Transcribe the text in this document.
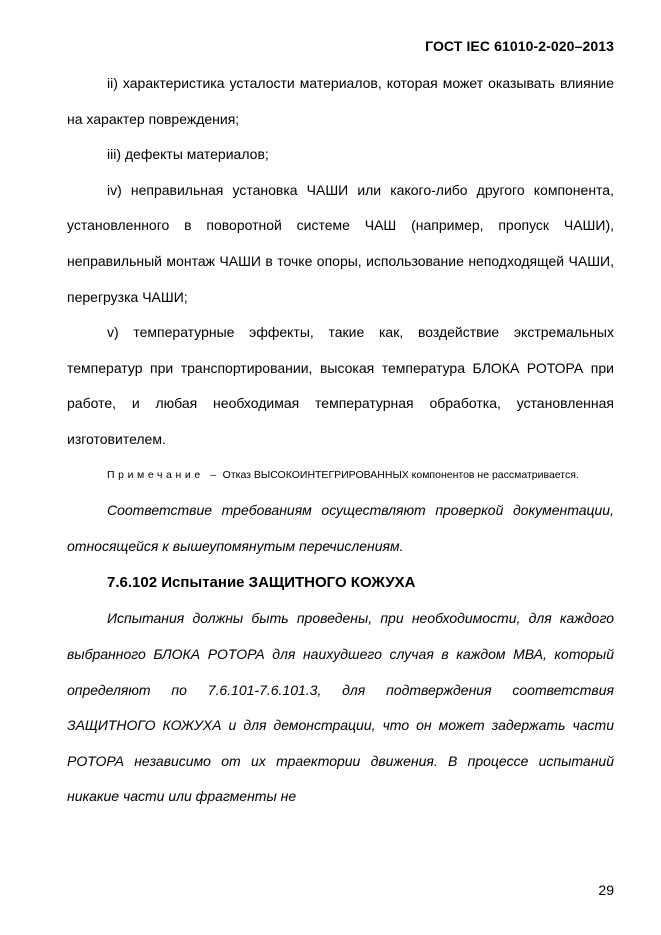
ГОСТ IEC 61010-2-020–2013

ii) характеристика усталости материалов, которая может оказывать влияние на характер повреждения;

iii) дефекты материалов;

iv) неправильная установка ЧАШИ или какого-либо другого компонента, установленного в поворотной системе ЧАШ (например, пропуск ЧАШИ), неправильный монтаж ЧАШИ в точке опоры, использование неподходящей ЧАШИ, перегрузка ЧАШИ;

v) температурные эффекты, такие как, воздействие экстремальных температур при транспортировании, высокая температура БЛОКА РОТОРА при работе, и любая необходимая температурная обработка, установленная изготовителем.

Примечание – Отказ ВЫСОКОИНТЕГРИРОВАННЫХ компонентов не рассматривается.

Соответствие требованиям осуществляют проверкой документации, относящейся к вышеупомянутым перечислениям.

7.6.102 Испытание ЗАЩИТНОГО КОЖУХА

Испытания должны быть проведены, при необходимости, для каждого выбранного БЛОКА РОТОРА для наихудшего случая в каждом МВА, который определяют по 7.6.101-7.6.101.3, для подтверждения соответствия ЗАЩИТНОГО КОЖУХА и для демонстрации, что он может задержать части РОТОРА независимо от их траектории движения. В процессе испытаний никакие части или фрагменты не

29
